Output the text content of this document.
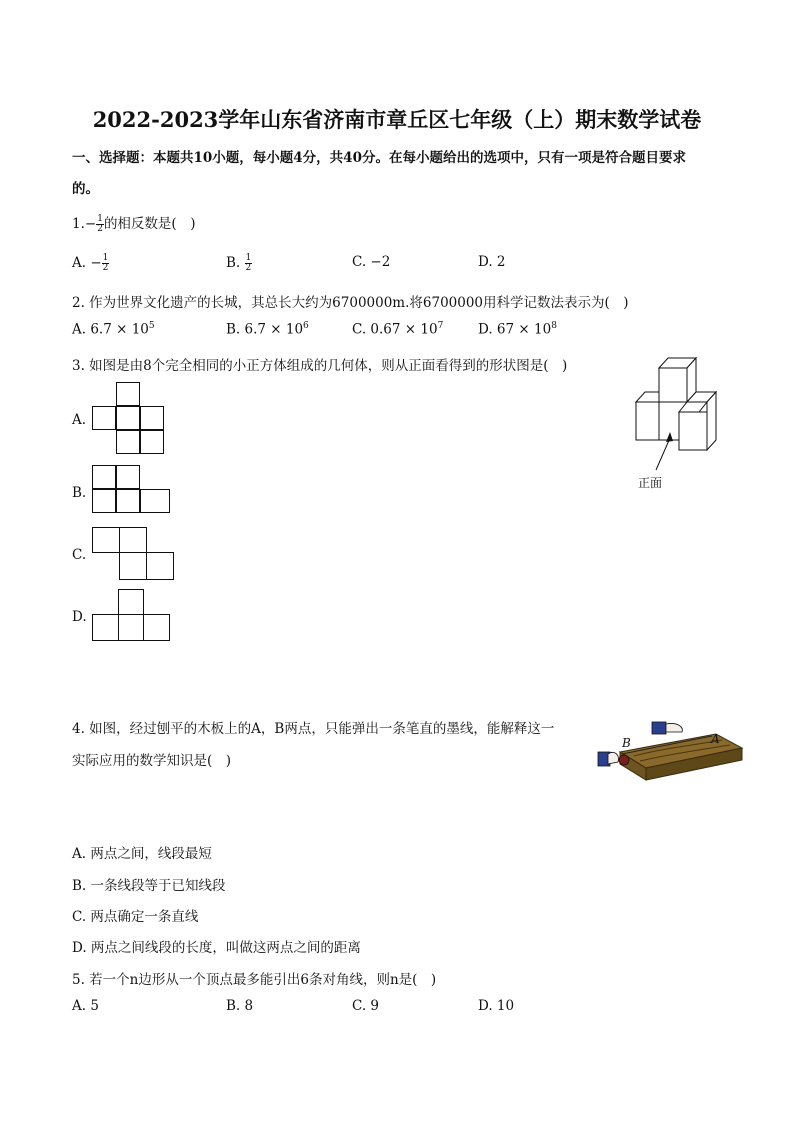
2022-2023学年山东省济南市章丘区七年级（上）期末数学试卷
一、选择题：本题共10小题，每小题4分，共40分。在每小题给出的选项中，只有一项是符合题目要求
的。
$1.- \frac{1}{2}$ 的相反数是(　)
A. − $\frac{1}{2}$	B. $\frac{1}{2}$	C. −2	D. 2
2. 作为世界文化遗产的长城，其总长大约为6700000m.将6700000用科学记数法表示为(　)
A. $6.7 \times 10^5$	B. $6.7 \times 10^6$	C. $0.67 \times 10^7$	D. $67 \times 10^8$
3. 如图是由8个完全相同的小正方体组成的几何体，则从正面看得到的形状图是(　)
正面
A.
B.
C.
D.
4. 如图，经过刨平的木板上的A，B两点，只能弹出一条笔直的墨线，能解释这一
实际应用的数学知识是(　)
B	A
A. 两点之间，线段最短
B. 一条线段等于已知线段
C. 两点确定一条直线
D. 两点之间线段的长度，叫做这两点之间的距离
5. 若一个n边形从一个顶点最多能引出6条对角线，则n是(　)
A. 5	B. 8	C. 9	D. 10
